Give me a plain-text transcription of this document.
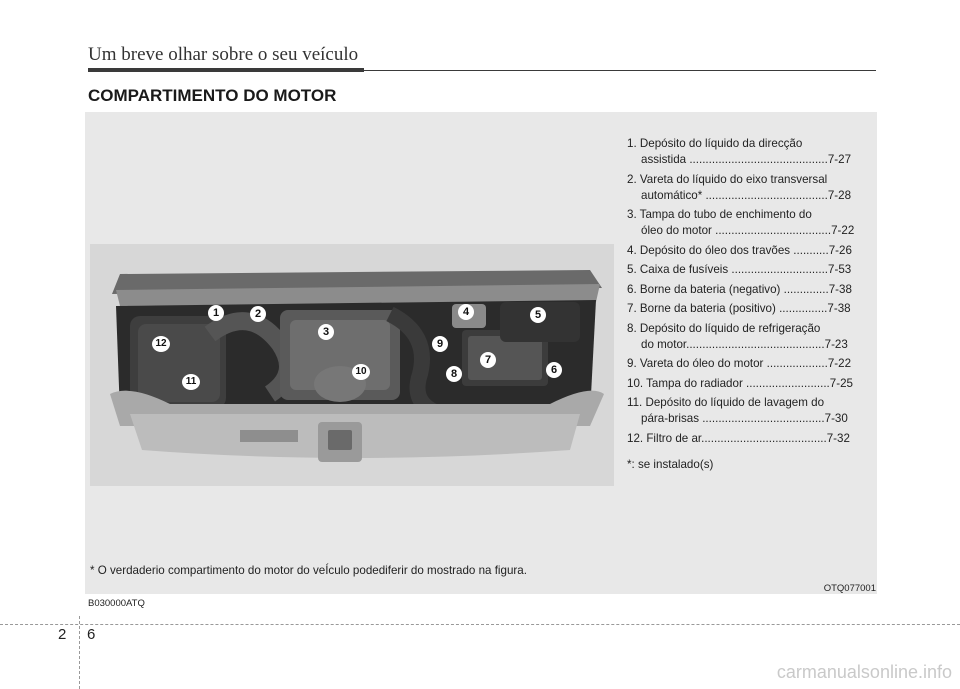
Um breve olhar sobre o seu veículo
COMPARTIMENTO DO MOTOR
1	2
3
4	5
6
7
8
9
10
11
12
1. Depósito do líquido da direcção
assistida ...........................................7-27
2. Vareta do líquido do eixo transversal
automático* ......................................7-28
3. Tampa do tubo de enchimento do
óleo do motor ....................................7-22
4. Depósito do óleo dos travões ...........7-26
5. Caixa de fusíveis ..............................7-53
6. Borne da bateria (negativo) ..............7-38
7. Borne da bateria (positivo) ...............7-38
8. Depósito do líquido de refrigeração
do motor...........................................7-23
9. Vareta do óleo do motor ...................7-22
10. Tampa do radiador ..........................7-25
11. Depósito do líquido de lavagem do
pára-brisas ......................................7-30
12. Filtro de ar.......................................7-32
*: se instalado(s)
* O verdaderio compartimento do motor do veÍculo podediferir do mostrado na figura.
OTQ077001
B030000ATQ
2 6
carmanualsonline.info
